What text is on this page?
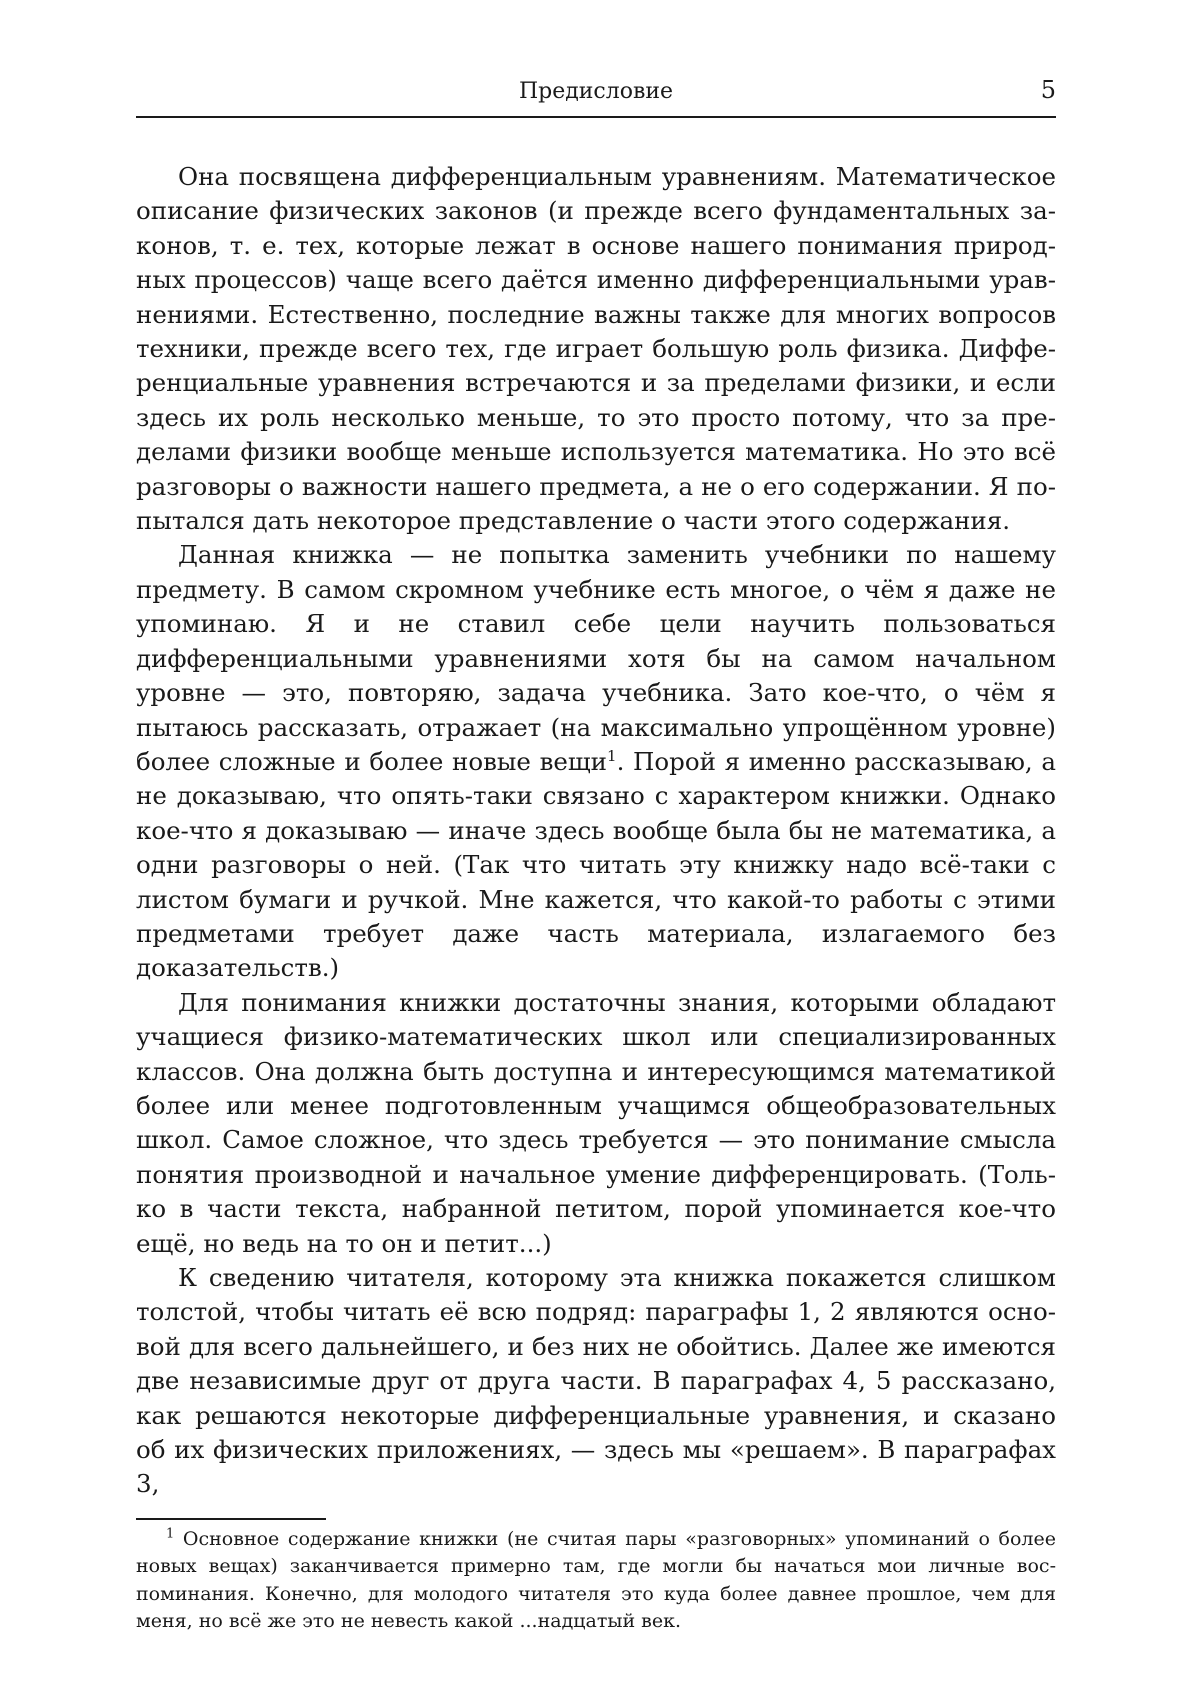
Предисловие	5

Она посвящена дифференциальным уравнениям. Математическое описание физических законов (и прежде всего фундаментальных законов, т. е. тех, которые лежат в основе нашего понимания природных процессов) чаще всего даётся именно дифференциальными уравнениями. Естественно, последние важны также для многих вопросов техники, прежде всего тех, где играет большую роль физика. Дифференциальные уравнения встречаются и за пределами физики, и если здесь их роль несколько меньше, то это просто потому, что за пределами физики вообще меньше используется математика. Но это всё разговоры о важности нашего предмета, а не о его содержании. Я попытался дать некоторое представление о части этого содержания.

Данная книжка — не попытка заменить учебники по нашему предмету. В самом скромном учебнике есть многое, о чём я даже не упоминаю. Я и не ставил себе цели научить пользоваться дифференциальными уравнениями хотя бы на самом начальном уровне — это, повторяю, задача учебника. Зато кое-что, о чём я пытаюсь рассказать, отражает (на максимально упрощённом уровне) более сложные и более новые вещи$^1$. Порой я именно рассказываю, а не доказываю, что опять-таки связано с характером книжки. Однако кое-что я доказываю — иначе здесь вообще была бы не математика, а одни разговоры о ней. (Так что читать эту книжку надо всё-таки с листом бумаги и ручкой. Мне кажется, что какой-то работы с этими предметами требует даже часть материала, излагаемого без доказательств.)

Для понимания книжки достаточны знания, которыми обладают учащиеся физико-математических школ или специализированных классов. Она должна быть доступна и интересующимся математикой более или менее подготовленным учащимся общеобразовательных школ. Самое сложное, что здесь требуется — это понимание смысла понятия производной и начальное умение дифференцировать. (Только в части текста, набранной петитом, порой упоминается кое-что ещё, но ведь на то он и петит...)

К сведению читателя, которому эта книжка покажется слишком толстой, чтобы читать её всю подряд: параграфы 1, 2 являются основой для всего дальнейшего, и без них не обойтись. Далее же имеются две независимые друг от друга части. В параграфах 4, 5 рассказано, как решаются некоторые дифференциальные уравнения, и сказано об их физических приложениях, — здесь мы «решаем». В параграфах 3,

$^1$ Основное содержание книжки (не считая пары «разговорных» упоминаний о более новых вещах) заканчивается примерно там, где могли бы начаться мои личные воспоминания. Конечно, для молодого читателя это куда более давнее прошлое, чем для меня, но всё же это не невесть какой ...надцатый век.
